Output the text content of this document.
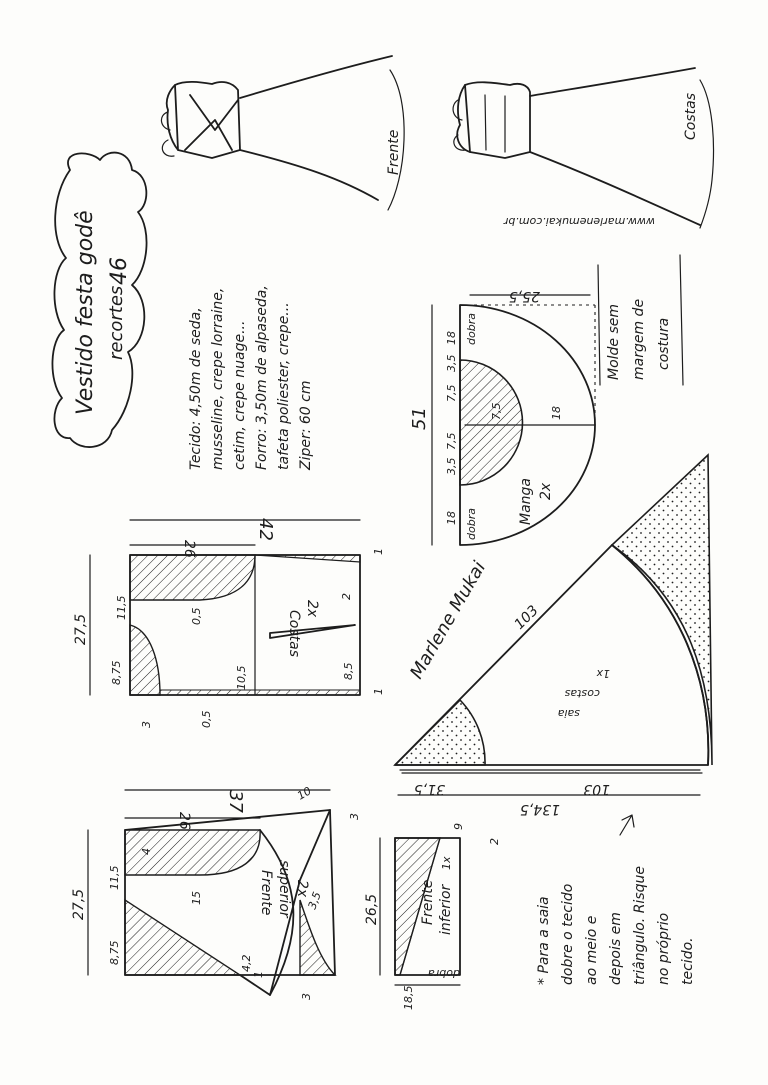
Frente
Costas
www.marlenemukai.com.br
Vestido festa godê recortes
46
Tecido: 4,50m de seda, musseline, crepe lorraine, cetim, crepe nuage... Forro: 3,50m de alpaseda, tafeta poliester, crepe... Ziper: 60 cm	51
25,5
18
7,5
18
3,5
7,5
7,5
3,5
18
dobra
dobra	Manga 2x
Molde sem margem de costura
103
103
31,5
134,5
saia
costas
1x
Marlene Mukai
42
26
27,5
11,5
8,75
0,5
10,5
Costas
2x
2
8,5
1
1
3	0,5
37
26
27,5
11,5
8,75
15
4
Frente superior 2x
10
3,5
3
3
4,2
1
26,5
9
2
18,5
Frente inferior
1x
dobra	* Para a saia dobre o tecido ao meio e depois em triângulo. Risque no próprio tecido.
